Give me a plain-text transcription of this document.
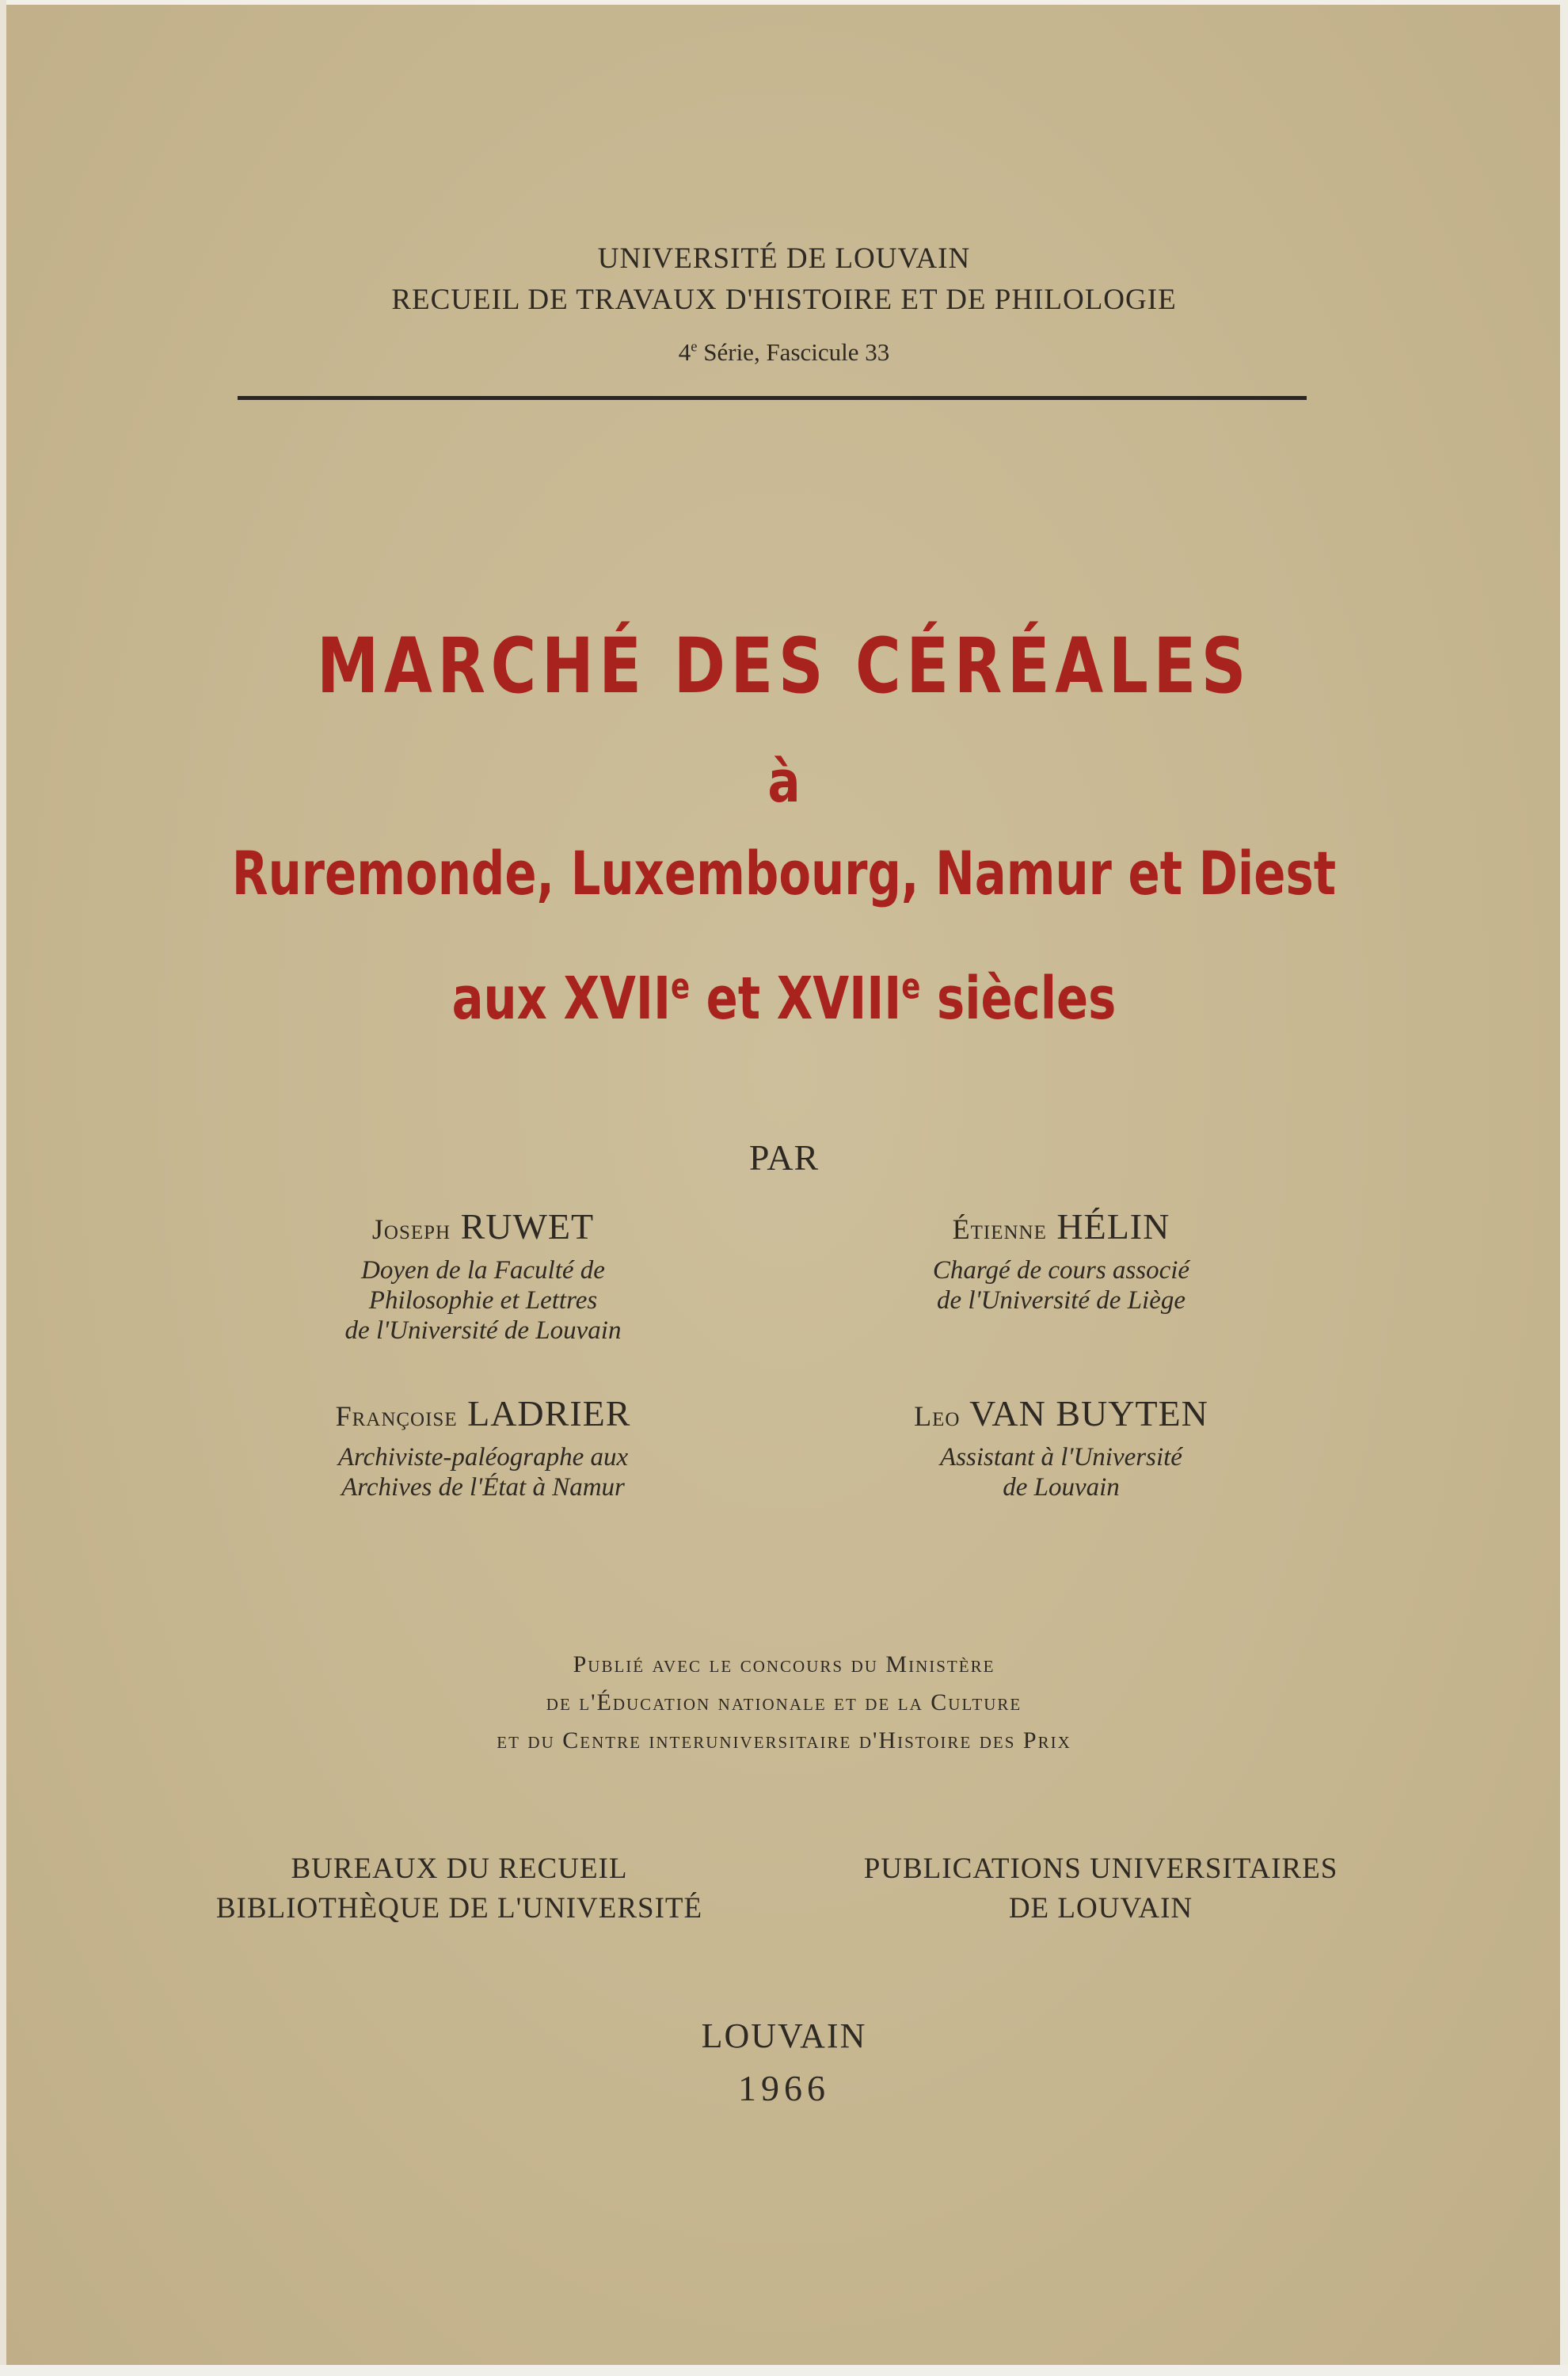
UNIVERSITÉ DE LOUVAIN
RECUEIL DE TRAVAUX D'HISTOIRE ET DE PHILOLOGIE
4e Série, Fascicule 33
MARCHÉ DES CÉRÉALES
à
Ruremonde, Luxembourg, Namur et Diest
aux XVIIe et XVIIIe siècles
PAR
Joseph RUWET
Doyen de la Faculté de
Philosophie et Lettres
de l'Université de Louvain
Étienne HÉLIN
Chargé de cours associé
de l'Université de Liège
Françoise LADRIER
Archiviste-paléographe aux
Archives de l'État à Namur
Leo VAN BUYTEN
Assistant à l'Université
de Louvain
Publié avec le concours du Ministère
de l'Éducation nationale et de la Culture
et du Centre interuniversitaire d'Histoire des Prix
BUREAUX DU RECUEIL
BIBLIOTHÈQUE DE L'UNIVERSITÉ
PUBLICATIONS UNIVERSITAIRES
DE LOUVAIN
LOUVAIN
1966
